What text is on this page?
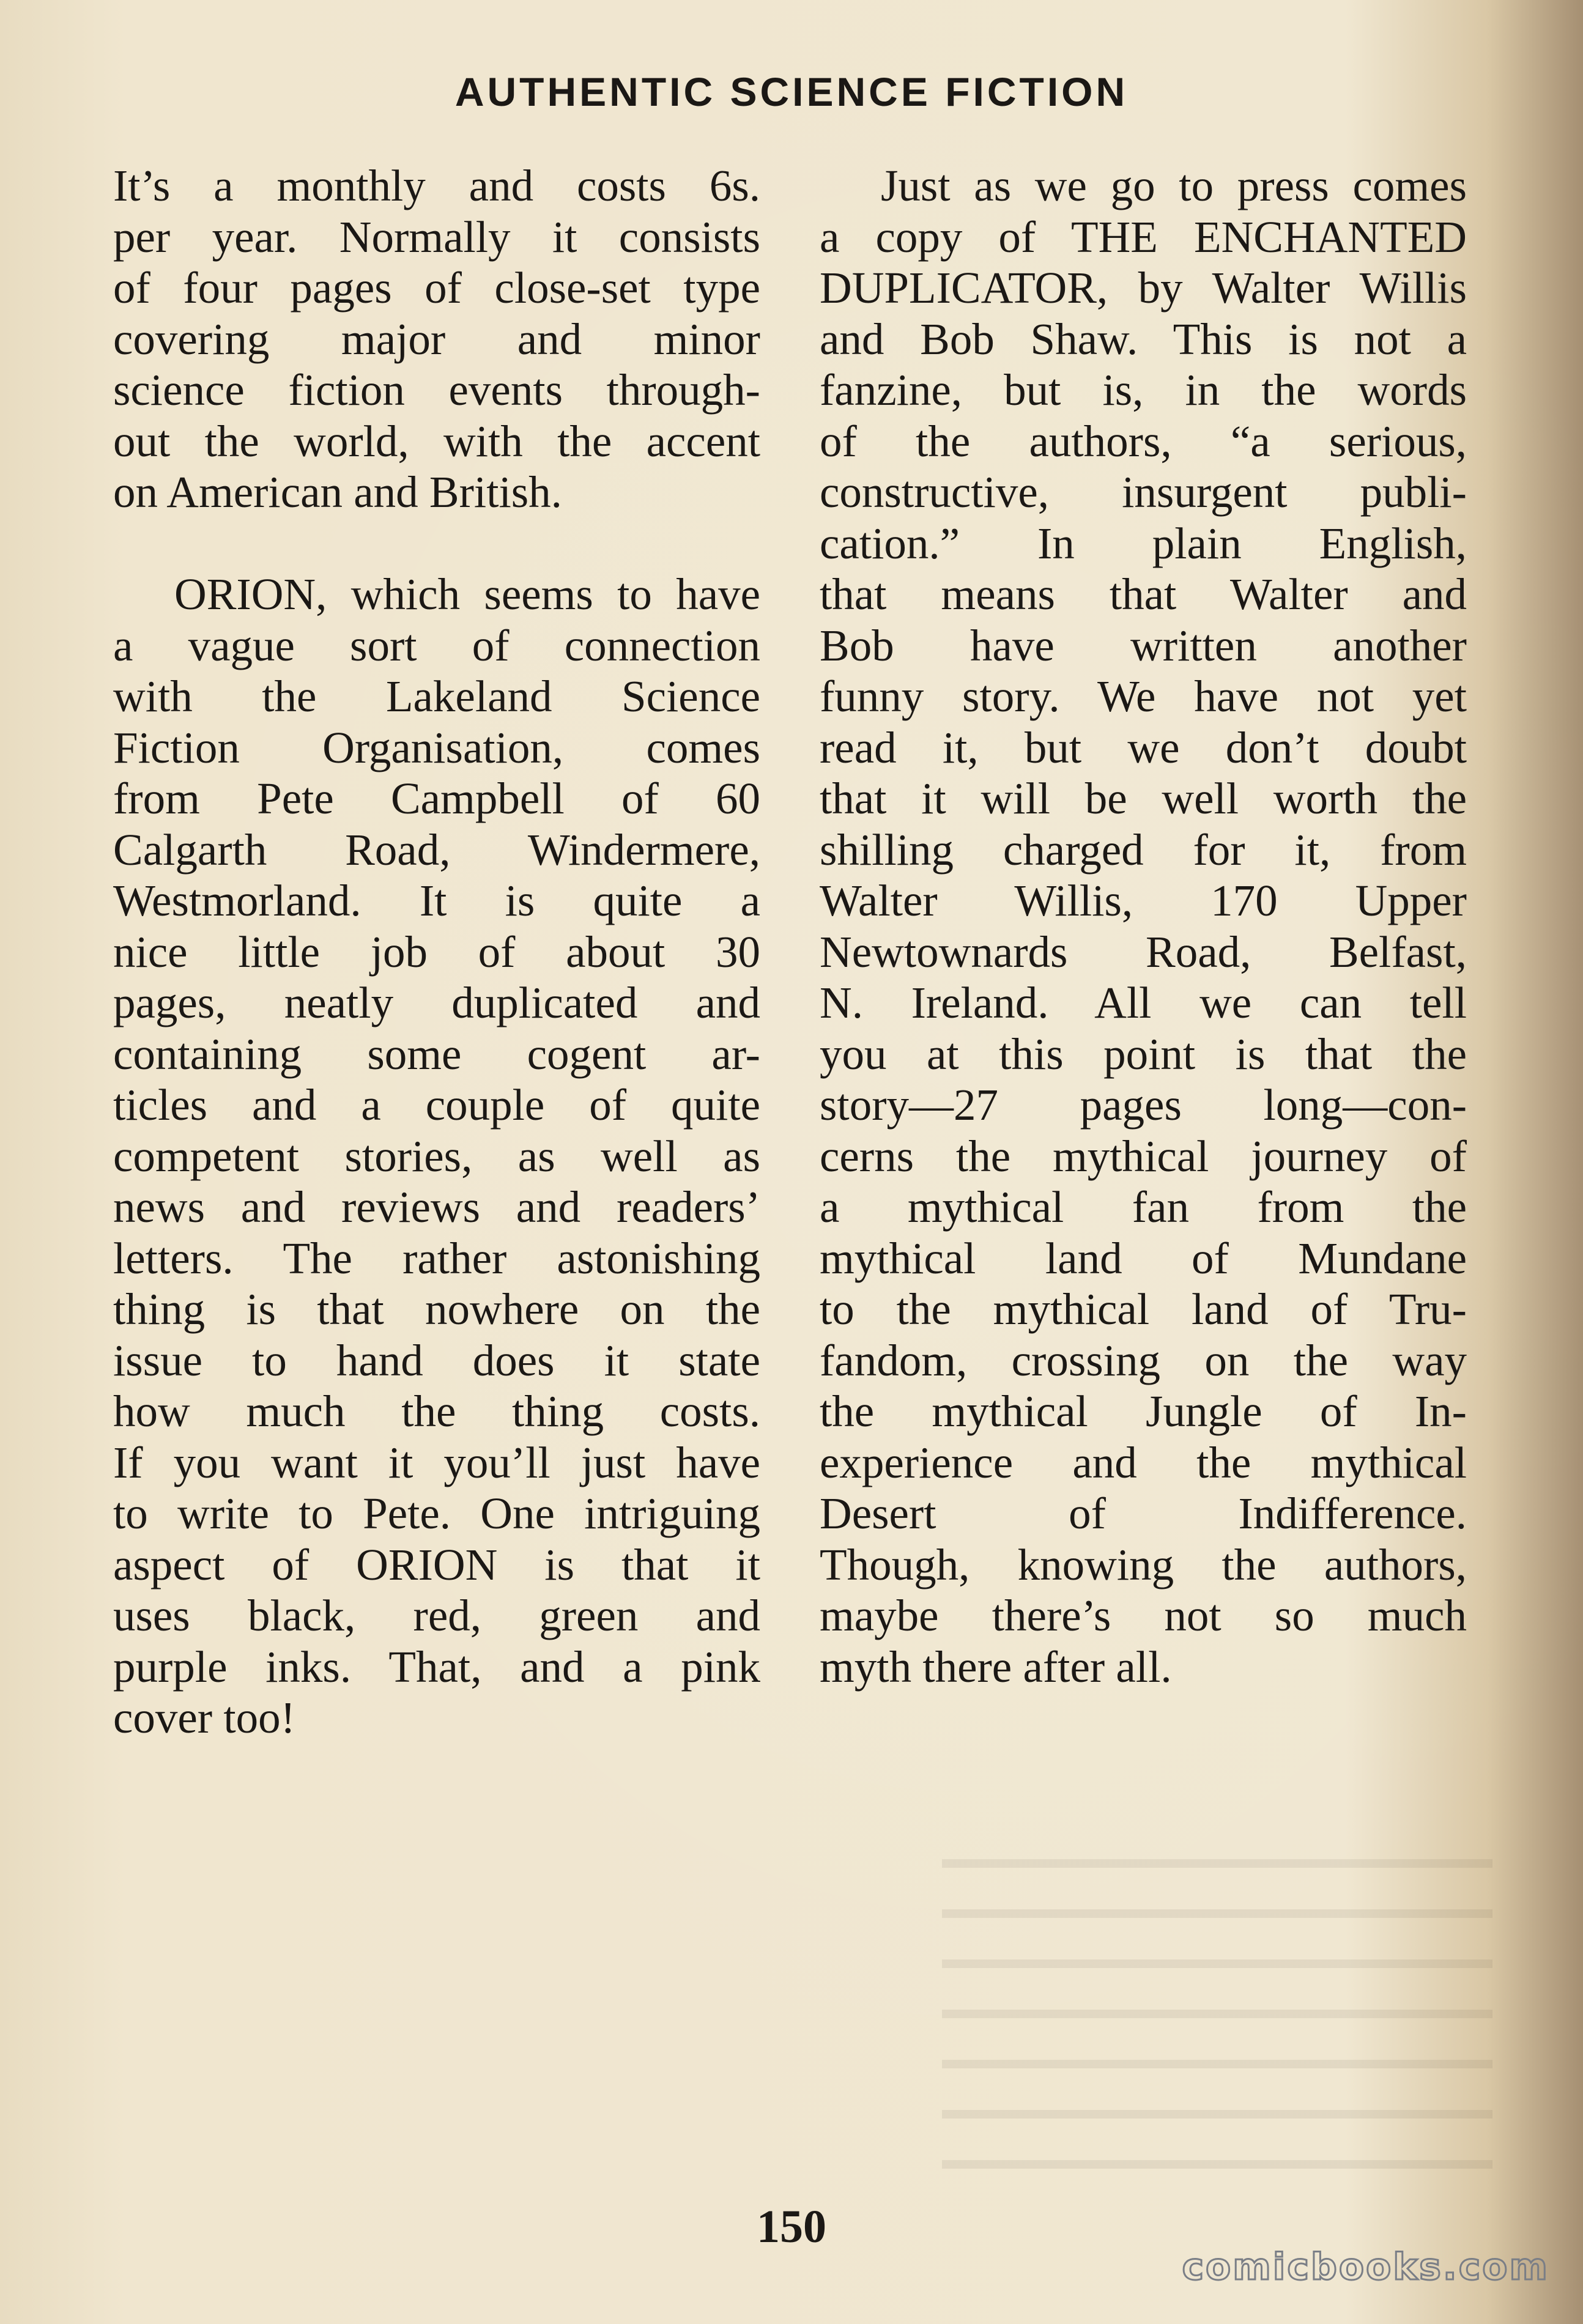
AUTHENTIC SCIENCE FICTION
It’s a monthly and costs 6s.
per year. Normally it consists
of four pages of close-set type
covering major and minor
science fiction events through-
out the world, with the accent
on American and British.
ORION, which seems to have
a vague sort of connection
with the Lakeland Science
Fiction Organisation, comes
from Pete Campbell of 60
Calgarth Road, Windermere,
Westmorland. It is quite a
nice little job of about 30
pages, neatly duplicated and
containing some cogent ar-
ticles and a couple of quite
competent stories, as well as
news and reviews and readers’
letters. The rather astonishing
thing is that nowhere on the
issue to hand does it state
how much the thing costs.
If you want it you’ll just have
to write to Pete. One intriguing
aspect of ORION is that it
uses black, red, green and
purple inks. That, and a pink
cover too!
Just as we go to press comes
a copy of THE ENCHANTED
DUPLICATOR, by Walter Willis
and Bob Shaw. This is not a
fanzine, but is, in the words
of the authors, “a serious,
constructive, insurgent publi-
cation.” In plain English,
that means that Walter and
Bob have written another
funny story. We have not yet
read it, but we don’t doubt
that it will be well worth the
shilling charged for it, from
Walter Willis, 170 Upper
Newtownards Road, Belfast,
N. Ireland. All we can tell
you at this point is that the
story—27 pages long—con-
cerns the mythical journey of
a mythical fan from the
mythical land of Mundane
to the mythical land of Tru-
fandom, crossing on the way
the mythical Jungle of In-
experience and the mythical
Desert of Indifference.
Though, knowing the authors,
maybe there’s not so much
myth there after all.
150
comicbooks.com
